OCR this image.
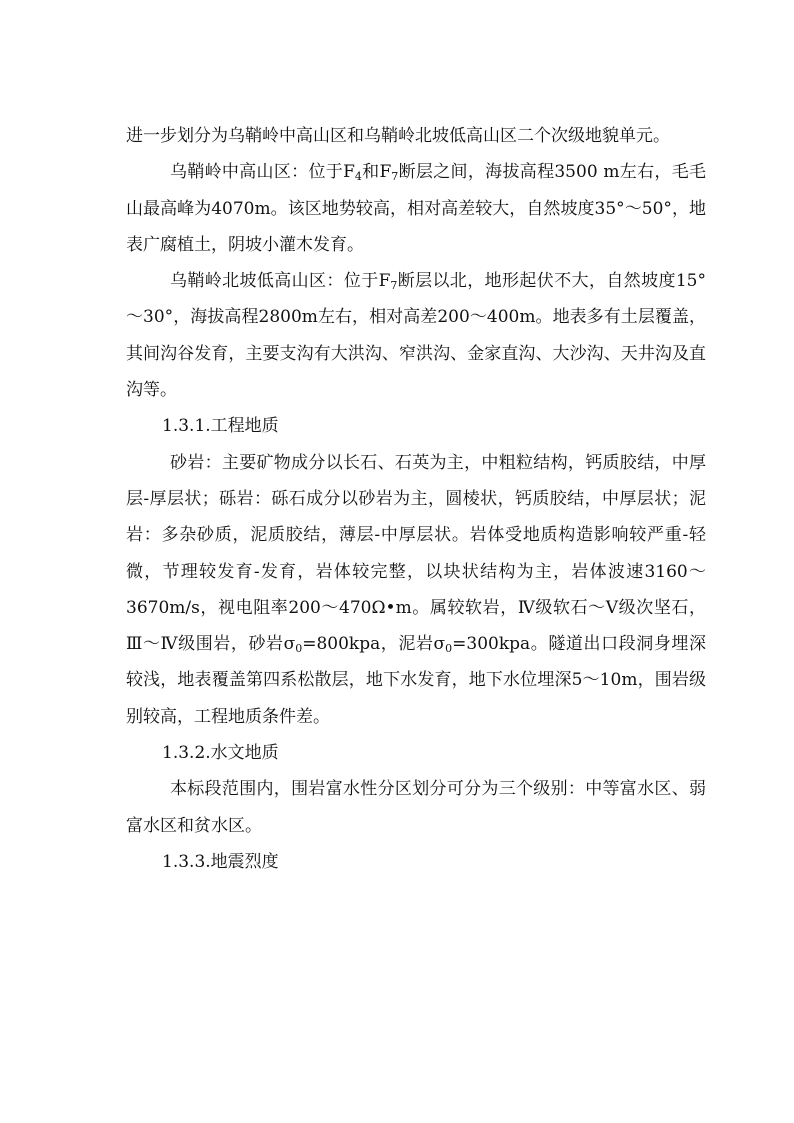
进一步划分为乌鞘岭中高山区和乌鞘岭北坡低高山区二个次级地貌单元。

乌鞘岭中高山区：位于$F_4$和$F_7$断层之间，海拔高程3500 m左右，毛毛山最高峰为4070m。该区地势较高，相对高差较大，自然坡度35°～50°，地表广腐植土，阴坡小灌木发育。

乌鞘岭北坡低高山区：位于$F_7$断层以北，地形起伏不大，自然坡度15°～30°，海拔高程2800m左右，相对高差200～400m。地表多有土层覆盖，其间沟谷发育，主要支沟有大洪沟、窄洪沟、金家直沟、大沙沟、天井沟及直沟等。

1.3.1.工程地质

砂岩：主要矿物成分以长石、石英为主，中粗粒结构，钙质胶结，中厚层-厚层状；砾岩：砾石成分以砂岩为主，圆棱状，钙质胶结，中厚层状；泥岩：多杂砂质，泥质胶结，薄层-中厚层状。岩体受地质构造影响较严重-轻微，节理较发育-发育，岩体较完整，以块状结构为主，岩体波速3160～3670m/s，视电阻率200～470Ω•m。属较软岩，Ⅳ级软石～Ⅴ级次坚石，Ⅲ～Ⅳ级围岩，砂岩$\sigma_0=800kpa$，泥岩$\sigma_0=300kpa$。隧道出口段洞身埋深较浅，地表覆盖第四系松散层，地下水发育，地下水位埋深5～10m，围岩级别较高，工程地质条件差。

1.3.2.水文地质

本标段范围内，围岩富水性分区划分可分为三个级别：中等富水区、弱富水区和贫水区。

1.3.3.地震烈度
